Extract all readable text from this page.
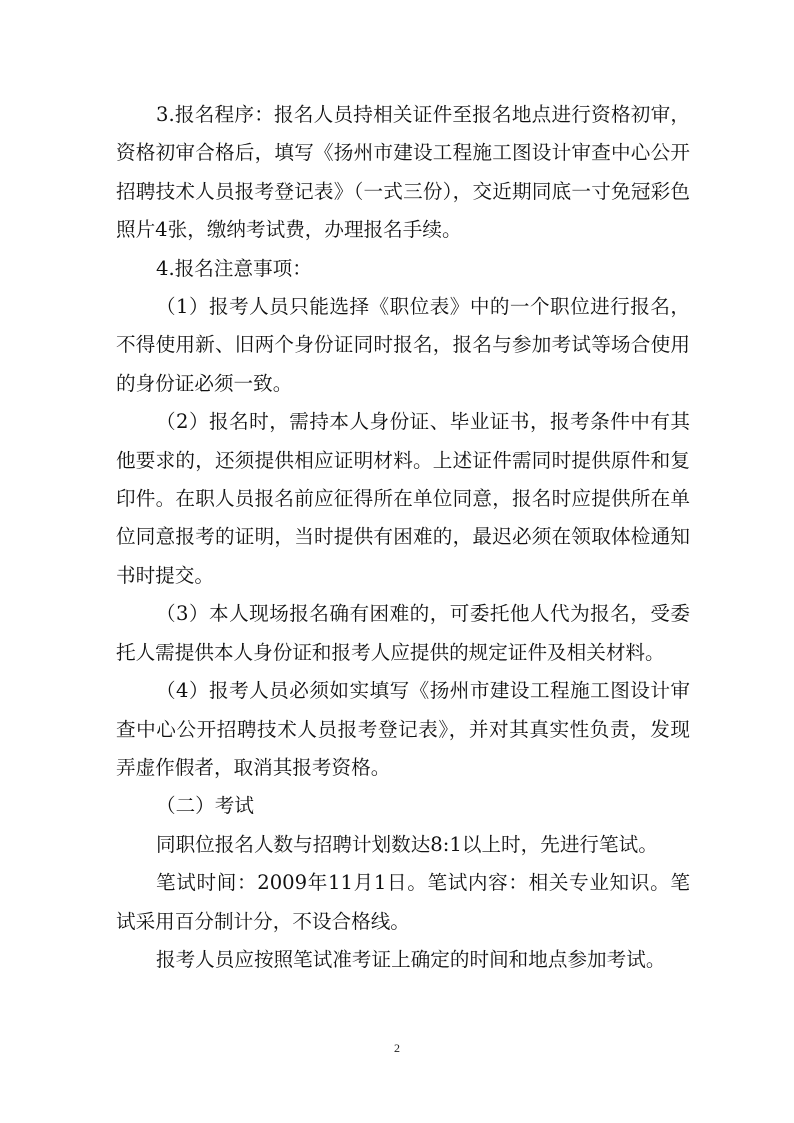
3.报名程序：报名人员持相关证件至报名地点进行资格初审，资格初审合格后，填写《扬州市建设工程施工图设计审查中心公开招聘技术人员报考登记表》（一式三份），交近期同底一寸免冠彩色照片4张，缴纳考试费，办理报名手续。

4.报名注意事项：

（1）报考人员只能选择《职位表》中的一个职位进行报名，不得使用新、旧两个身份证同时报名，报名与参加考试等场合使用的身份证必须一致。

（2）报名时，需持本人身份证、毕业证书，报考条件中有其他要求的，还须提供相应证明材料。上述证件需同时提供原件和复印件。在职人员报名前应征得所在单位同意，报名时应提供所在单位同意报考的证明，当时提供有困难的，最迟必须在领取体检通知书时提交。

（3）本人现场报名确有困难的，可委托他人代为报名，受委托人需提供本人身份证和报考人应提供的规定证件及相关材料。

（4）报考人员必须如实填写《扬州市建设工程施工图设计审查中心公开招聘技术人员报考登记表》，并对其真实性负责，发现弄虚作假者，取消其报考资格。

（二）考试

同职位报名人数与招聘计划数达8:1以上时，先进行笔试。

笔试时间：2009年11月1日。笔试内容：相关专业知识。笔试采用百分制计分，不设合格线。

报考人员应按照笔试准考证上确定的时间和地点参加考试。

2
